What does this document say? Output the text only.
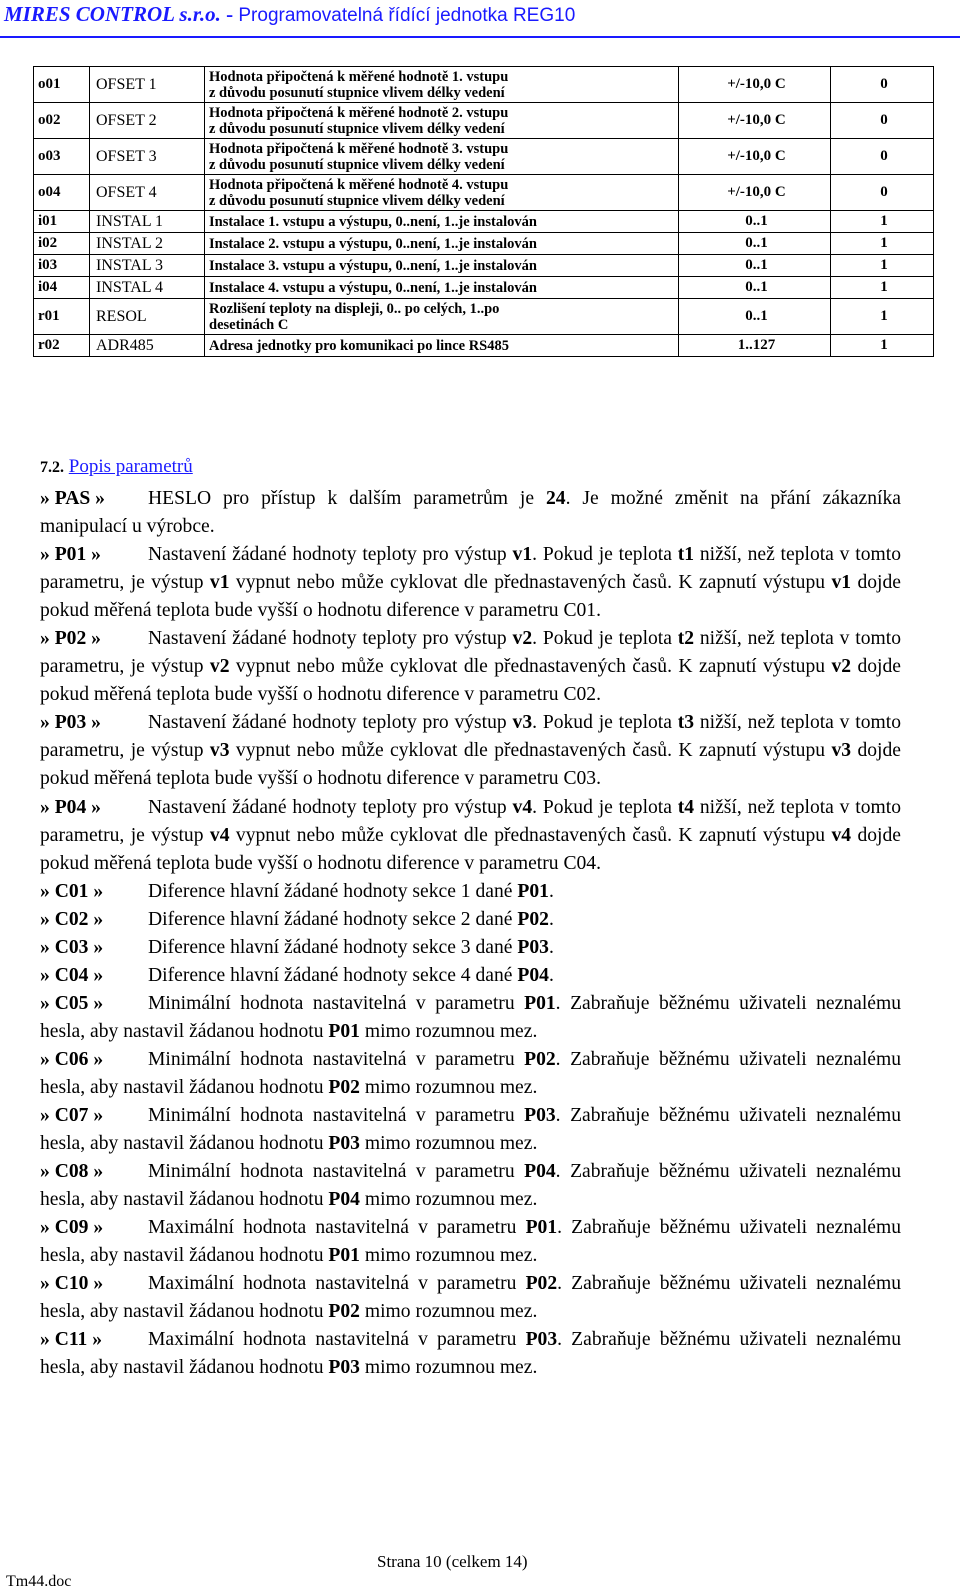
MIRES CONTROL s.r.o. - Programovatelná řídící jednotka REG10
o01	OFSET 1	Hodnota připočtená k měřené hodnotě 1. vstupu
z důvodu posunutí stupnice vlivem délky vedení	+/-10,0 C	0
o02	OFSET 2	Hodnota připočtená k měřené hodnotě 2. vstupu
z důvodu posunutí stupnice vlivem délky vedení	+/-10,0 C	0
o03	OFSET 3	Hodnota připočtená k měřené hodnotě 3. vstupu
z důvodu posunutí stupnice vlivem délky vedení	+/-10,0 C	0
o04	OFSET 4	Hodnota připočtená k měřené hodnotě 4. vstupu
z důvodu posunutí stupnice vlivem délky vedení	+/-10,0 C	0
i01	INSTAL 1	Instalace 1. vstupu a výstupu, 0..není, 1..je instalován	0..1	1
i02	INSTAL 2	Instalace 2. vstupu a výstupu, 0..není, 1..je instalován	0..1	1
i03	INSTAL 3	Instalace 3. vstupu a výstupu, 0..není, 1..je instalován	0..1	1
i04	INSTAL 4	Instalace 4. vstupu a výstupu, 0..není, 1..je instalován	0..1	1
r01	RESOL	Rozlišení teploty na displeji, 0.. po celých, 1..po
desetinách C	0..1	1
r02	ADR485	Adresa jednotky pro komunikaci po lince RS485	1..127	1
7.2. Popis parametrů
» PAS » HESLO pro přístup k dalším parametrům je 24. Je možné změnit na přání zákazníka manipulací u výrobce.
» P01 » Nastavení žádané hodnoty teploty pro výstup v1. Pokud je teplota t1 nižší, než teplota v tomto parametru, je výstup v1 vypnut nebo může cyklovat dle přednastavených časů. K zapnutí výstupu v1 dojde pokud měřená teplota bude vyšší o hodnotu diference v parametru C01.
» P02 » Nastavení žádané hodnoty teploty pro výstup v2. Pokud je teplota t2 nižší, než teplota v tomto parametru, je výstup v2 vypnut nebo může cyklovat dle přednastavených časů. K zapnutí výstupu v2 dojde pokud měřená teplota bude vyšší o hodnotu diference v parametru C02.
» P03 » Nastavení žádané hodnoty teploty pro výstup v3. Pokud je teplota t3 nižší, než teplota v tomto parametru, je výstup v3 vypnut nebo může cyklovat dle přednastavených časů. K zapnutí výstupu v3 dojde pokud měřená teplota bude vyšší o hodnotu diference v parametru C03.
» P04 » Nastavení žádané hodnoty teploty pro výstup v4. Pokud je teplota t4 nižší, než teplota v tomto parametru, je výstup v4 vypnut nebo může cyklovat dle přednastavených časů. K zapnutí výstupu v4 dojde pokud měřená teplota bude vyšší o hodnotu diference v parametru C04.
» C01 » Diference hlavní žádané hodnoty sekce 1 dané P01.
» C02 » Diference hlavní žádané hodnoty sekce 2 dané P02.
» C03 » Diference hlavní žádané hodnoty sekce 3 dané P03.
» C04 » Diference hlavní žádané hodnoty sekce 4 dané P04.
» C05 » Minimální hodnota nastavitelná v parametru P01. Zabraňuje běžnému uživateli neznalému hesla, aby nastavil žádanou hodnotu P01 mimo rozumnou mez.
» C06 » Minimální hodnota nastavitelná v parametru P02. Zabraňuje běžnému uživateli neznalému hesla, aby nastavil žádanou hodnotu P02 mimo rozumnou mez.
» C07 » Minimální hodnota nastavitelná v parametru P03. Zabraňuje běžnému uživateli neznalému hesla, aby nastavil žádanou hodnotu P03 mimo rozumnou mez.
» C08 » Minimální hodnota nastavitelná v parametru P04. Zabraňuje běžnému uživateli neznalému hesla, aby nastavil žádanou hodnotu P04 mimo rozumnou mez.
» C09 » Maximální hodnota nastavitelná v parametru P01. Zabraňuje běžnému uživateli neznalému hesla, aby nastavil žádanou hodnotu P01 mimo rozumnou mez.
» C10 » Maximální hodnota nastavitelná v parametru P02. Zabraňuje běžnému uživateli neznalému hesla, aby nastavil žádanou hodnotu P02 mimo rozumnou mez.
» C11 » Maximální hodnota nastavitelná v parametru P03. Zabraňuje běžnému uživateli neznalému hesla, aby nastavil žádanou hodnotu P03 mimo rozumnou mez.
Strana 10 (celkem 14)
Tm44.doc
